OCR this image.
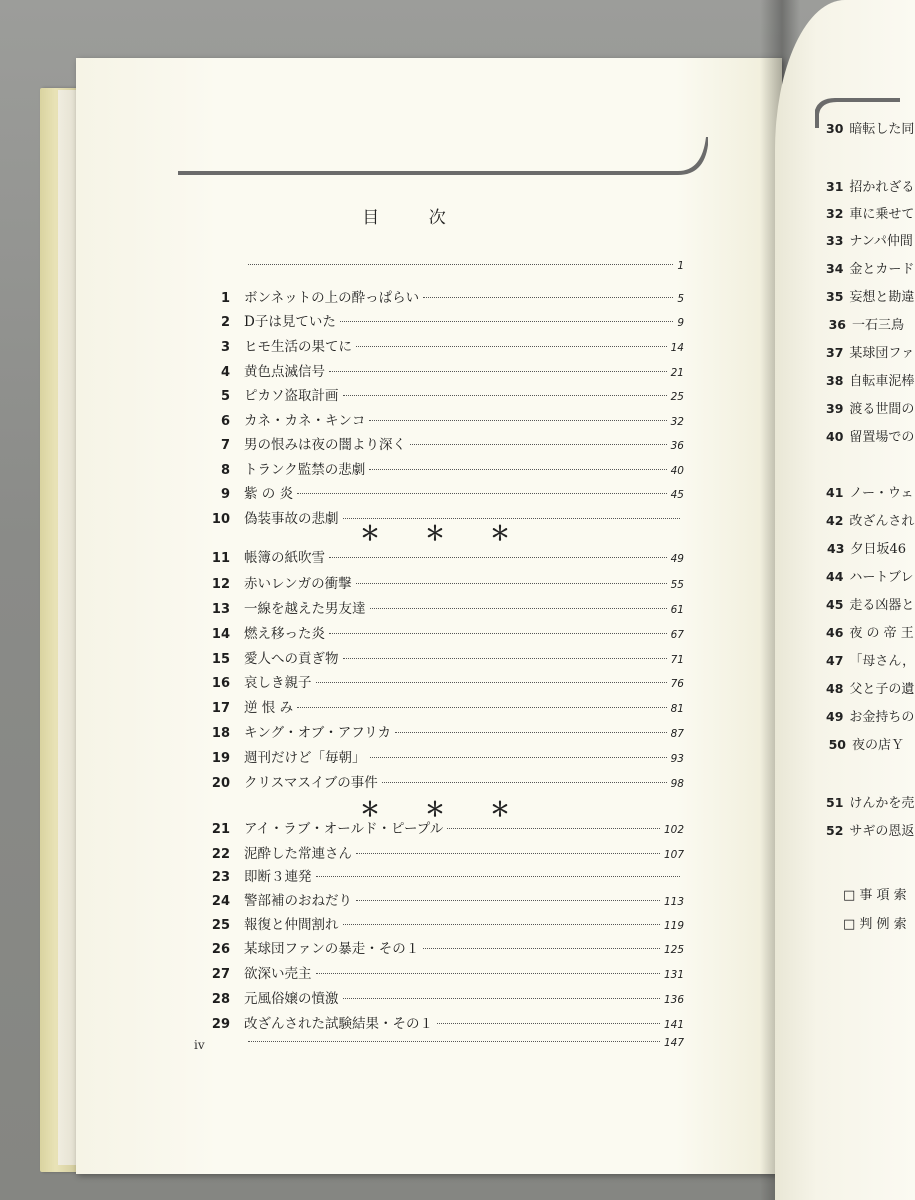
目 次
1
1 ボンネットの上の酔っぱらい	5
2 D子は見ていた	9
3 ヒモ生活の果てに	14
4 黄色点滅信号	21
5 ピカソ盗取計画	25
6 カネ・カネ・キンコ	32
7 男の恨みは夜の闇より深く	36
8 トランク監禁の悲劇	40
9 紫 の 炎	45
10 偽装事故の悲劇
11 帳簿の紙吹雪	49
12 赤いレンガの衝撃	55
13 一線を越えた男友達	61
14 燃え移った炎	67
15 愛人への貢ぎ物	71
16 哀しき親子	76
17 逆 恨 み	81
18 キング・オブ・アフリカ	87
19 週刊だけど「毎朝」	93
20 クリスマスイブの事件	98
21 アイ・ラブ・オールド・ピープル	102
22 泥酔した常連さん	107
23 即断３連発
24 警部補のおねだり	113
25 報復と仲間割れ	119
26 某球団ファンの暴走・その１	125
27 欲深い売主	131
28 元風俗嬢の憤激	136
29 改ざんされた試験結果・その１	141
147
＊ ＊ ＊
＊ ＊ ＊
iv
30 暗転した同
31 招かれざる
32 車に乗せて
33 ナンパ仲間
34 金とカード
35 妄想と勘違
36 一石三鳥
37 某球団ファ
38 自転車泥棒
39 渡る世間の
40 留置場での
41 ノー・ウェ
42 改ざんされ
43 夕日坂46
44 ハートブレ
45 走る凶器と
46 夜 の 帝 王
47 「母さん，
48 父と子の遺
49 お金持ちの
50 夜の店Ｙ
51 けんかを売
52 サギの恩返
□ 事 項 索
□ 判 例 索
